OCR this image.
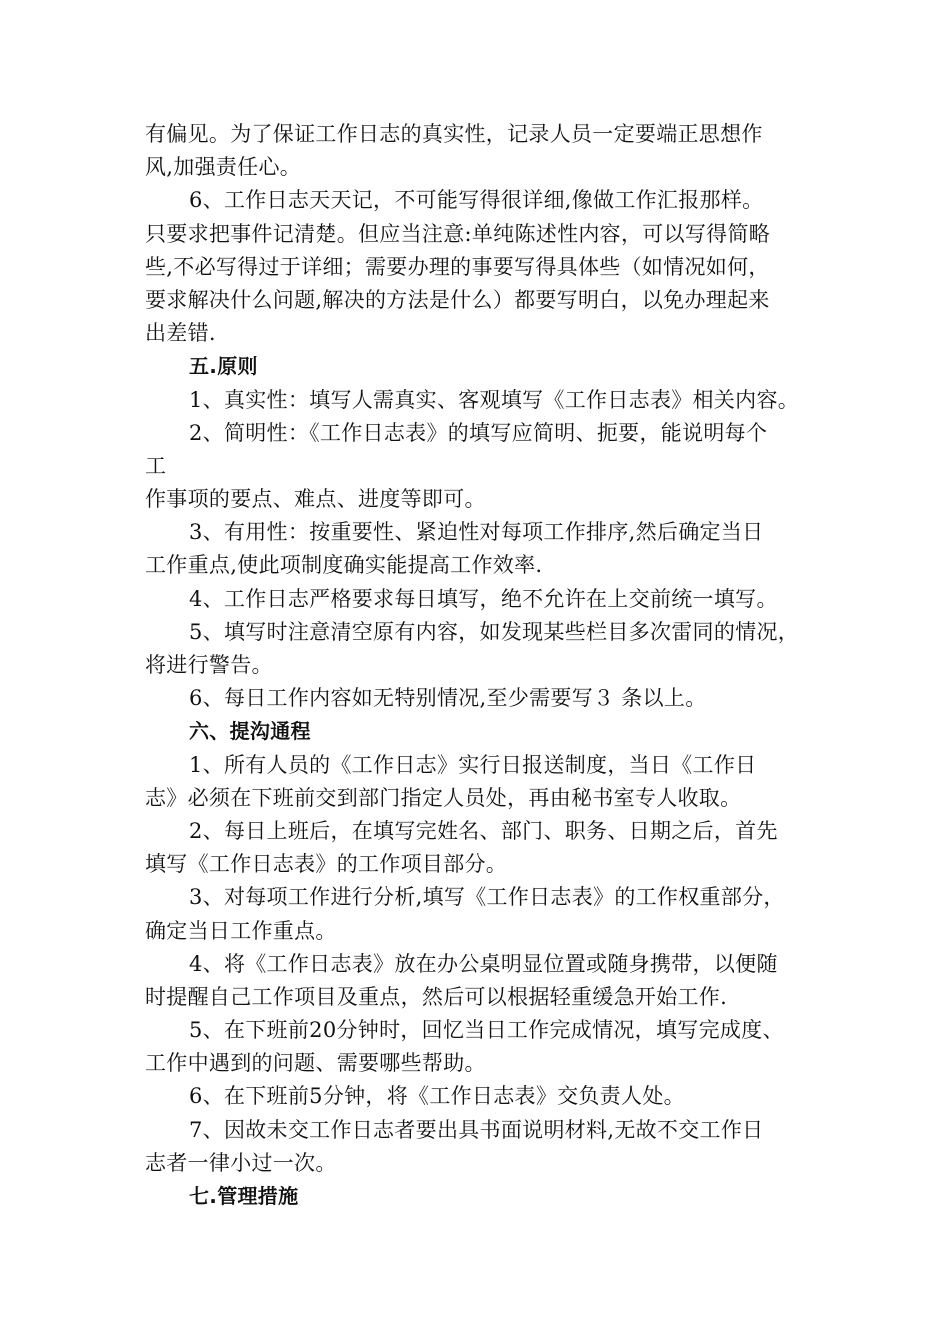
有偏见。为了保证工作日志的真实性，记录人员一定要端正思想作
风,加强责任心。
6、工作日志天天记，不可能写得很详细,像做工作汇报那样。
只要求把事件记清楚。但应当注意:单纯陈述性内容，可以写得简略
些,不必写得过于详细；需要办理的事要写得具体些（如情况如何，
要求解决什么问题,解决的方法是什么）都要写明白，以免办理起来
出差错.
五.原则
1、真实性：填写人需真实、客观填写《工作日志表》相关内容。
2、简明性：《工作日志表》的填写应简明、扼要，能说明每个
工
作事项的要点、难点、进度等即可。
3、有用性：按重要性、紧迫性对每项工作排序,然后确定当日
工作重点,使此项制度确实能提高工作效率.
4、工作日志严格要求每日填写，绝不允许在上交前统一填写。
5、填写时注意清空原有内容，如发现某些栏目多次雷同的情况，
将进行警告。
6、每日工作内容如无特别情况,至少需要写３ 条以上。
六、提沟通程
1、所有人员的《工作日志》实行日报送制度，当日《工作日
志》必须在下班前交到部门指定人员处，再由秘书室专人收取。
2、每日上班后，在填写完姓名、部门、职务、日期之后，首先
填写《工作日志表》的工作项目部分。
3、对每项工作进行分析,填写《工作日志表》的工作权重部分，
确定当日工作重点。
4、将《工作日志表》放在办公桌明显位置或随身携带，以便随
时提醒自己工作项目及重点，然后可以根据轻重缓急开始工作.
5、在下班前20分钟时，回忆当日工作完成情况，填写完成度、
工作中遇到的问题、需要哪些帮助。
6、在下班前5分钟，将《工作日志表》交负责人处。
7、因故未交工作日志者要出具书面说明材料,无故不交工作日
志者一律小过一次。
七.管理措施
